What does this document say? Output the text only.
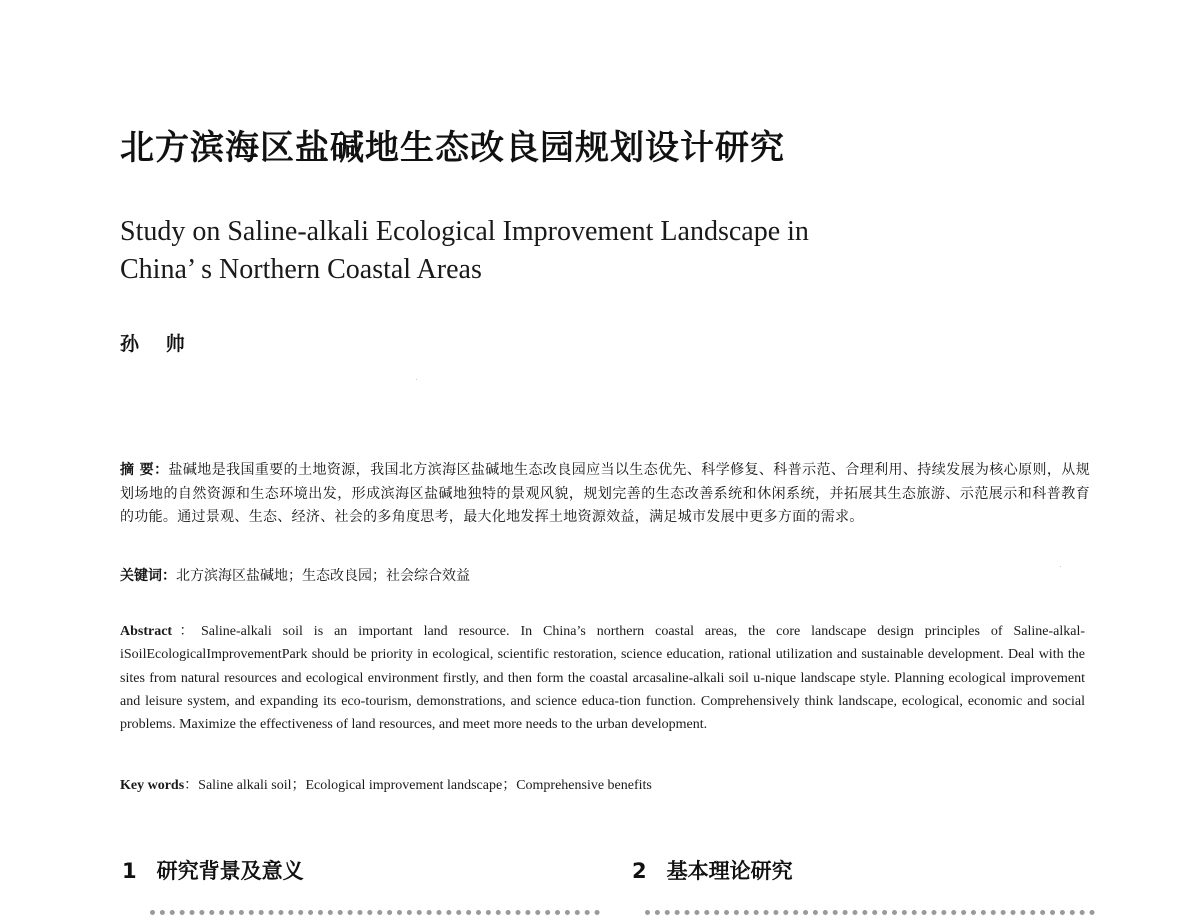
北方滨海区盐碱地生态改良园规划设计研究
Study on Saline-alkali Ecological Improvement Landscape in
China’ s Northern Coastal Areas
孙 帅

摘 要：盐碱地是我国重要的土地资源，我国北方滨海区盐碱地生态改良园应当以生态优先、科学修复、科普示范、合理利用、持续发展为核心原则，从规划场地的自然资源和生态环境出发，形成滨海区盐碱地独特的景观风貌，规划完善的生态改善系统和休闲系统，并拓展其生态旅游、示范展示和科普教育的功能。通过景观、生态、经济、社会的多角度思考，最大化地发挥土地资源效益，满足城市发展中更多方面的需求。

关键词：北方滨海区盐碱地；生态改良园；社会综合效益

Abstract：Saline-alkali soil is an important land resource. In China’s northern coastal areas, the core landscape design principles of Saline-alkal-iSoilEcologicalImprovementPark should be priority in ecological, scientific restoration, science education, rational utilization and sustainable development. Deal with the sites from natural resources and ecological environment firstly, and then form the coastal arcasaline-alkali soil u-nique landscape style. Planning ecological improvement and leisure system, and expanding its eco-tourism, demonstrations, and science educa-tion function. Comprehensively think landscape, ecological, economic and social problems. Maximize the effectiveness of land resources, and meet more needs to the urban development.

Key words：Saline alkali soil；Ecological improvement landscape；Comprehensive benefits
1 研究背景及意义	2 基本理论研究
